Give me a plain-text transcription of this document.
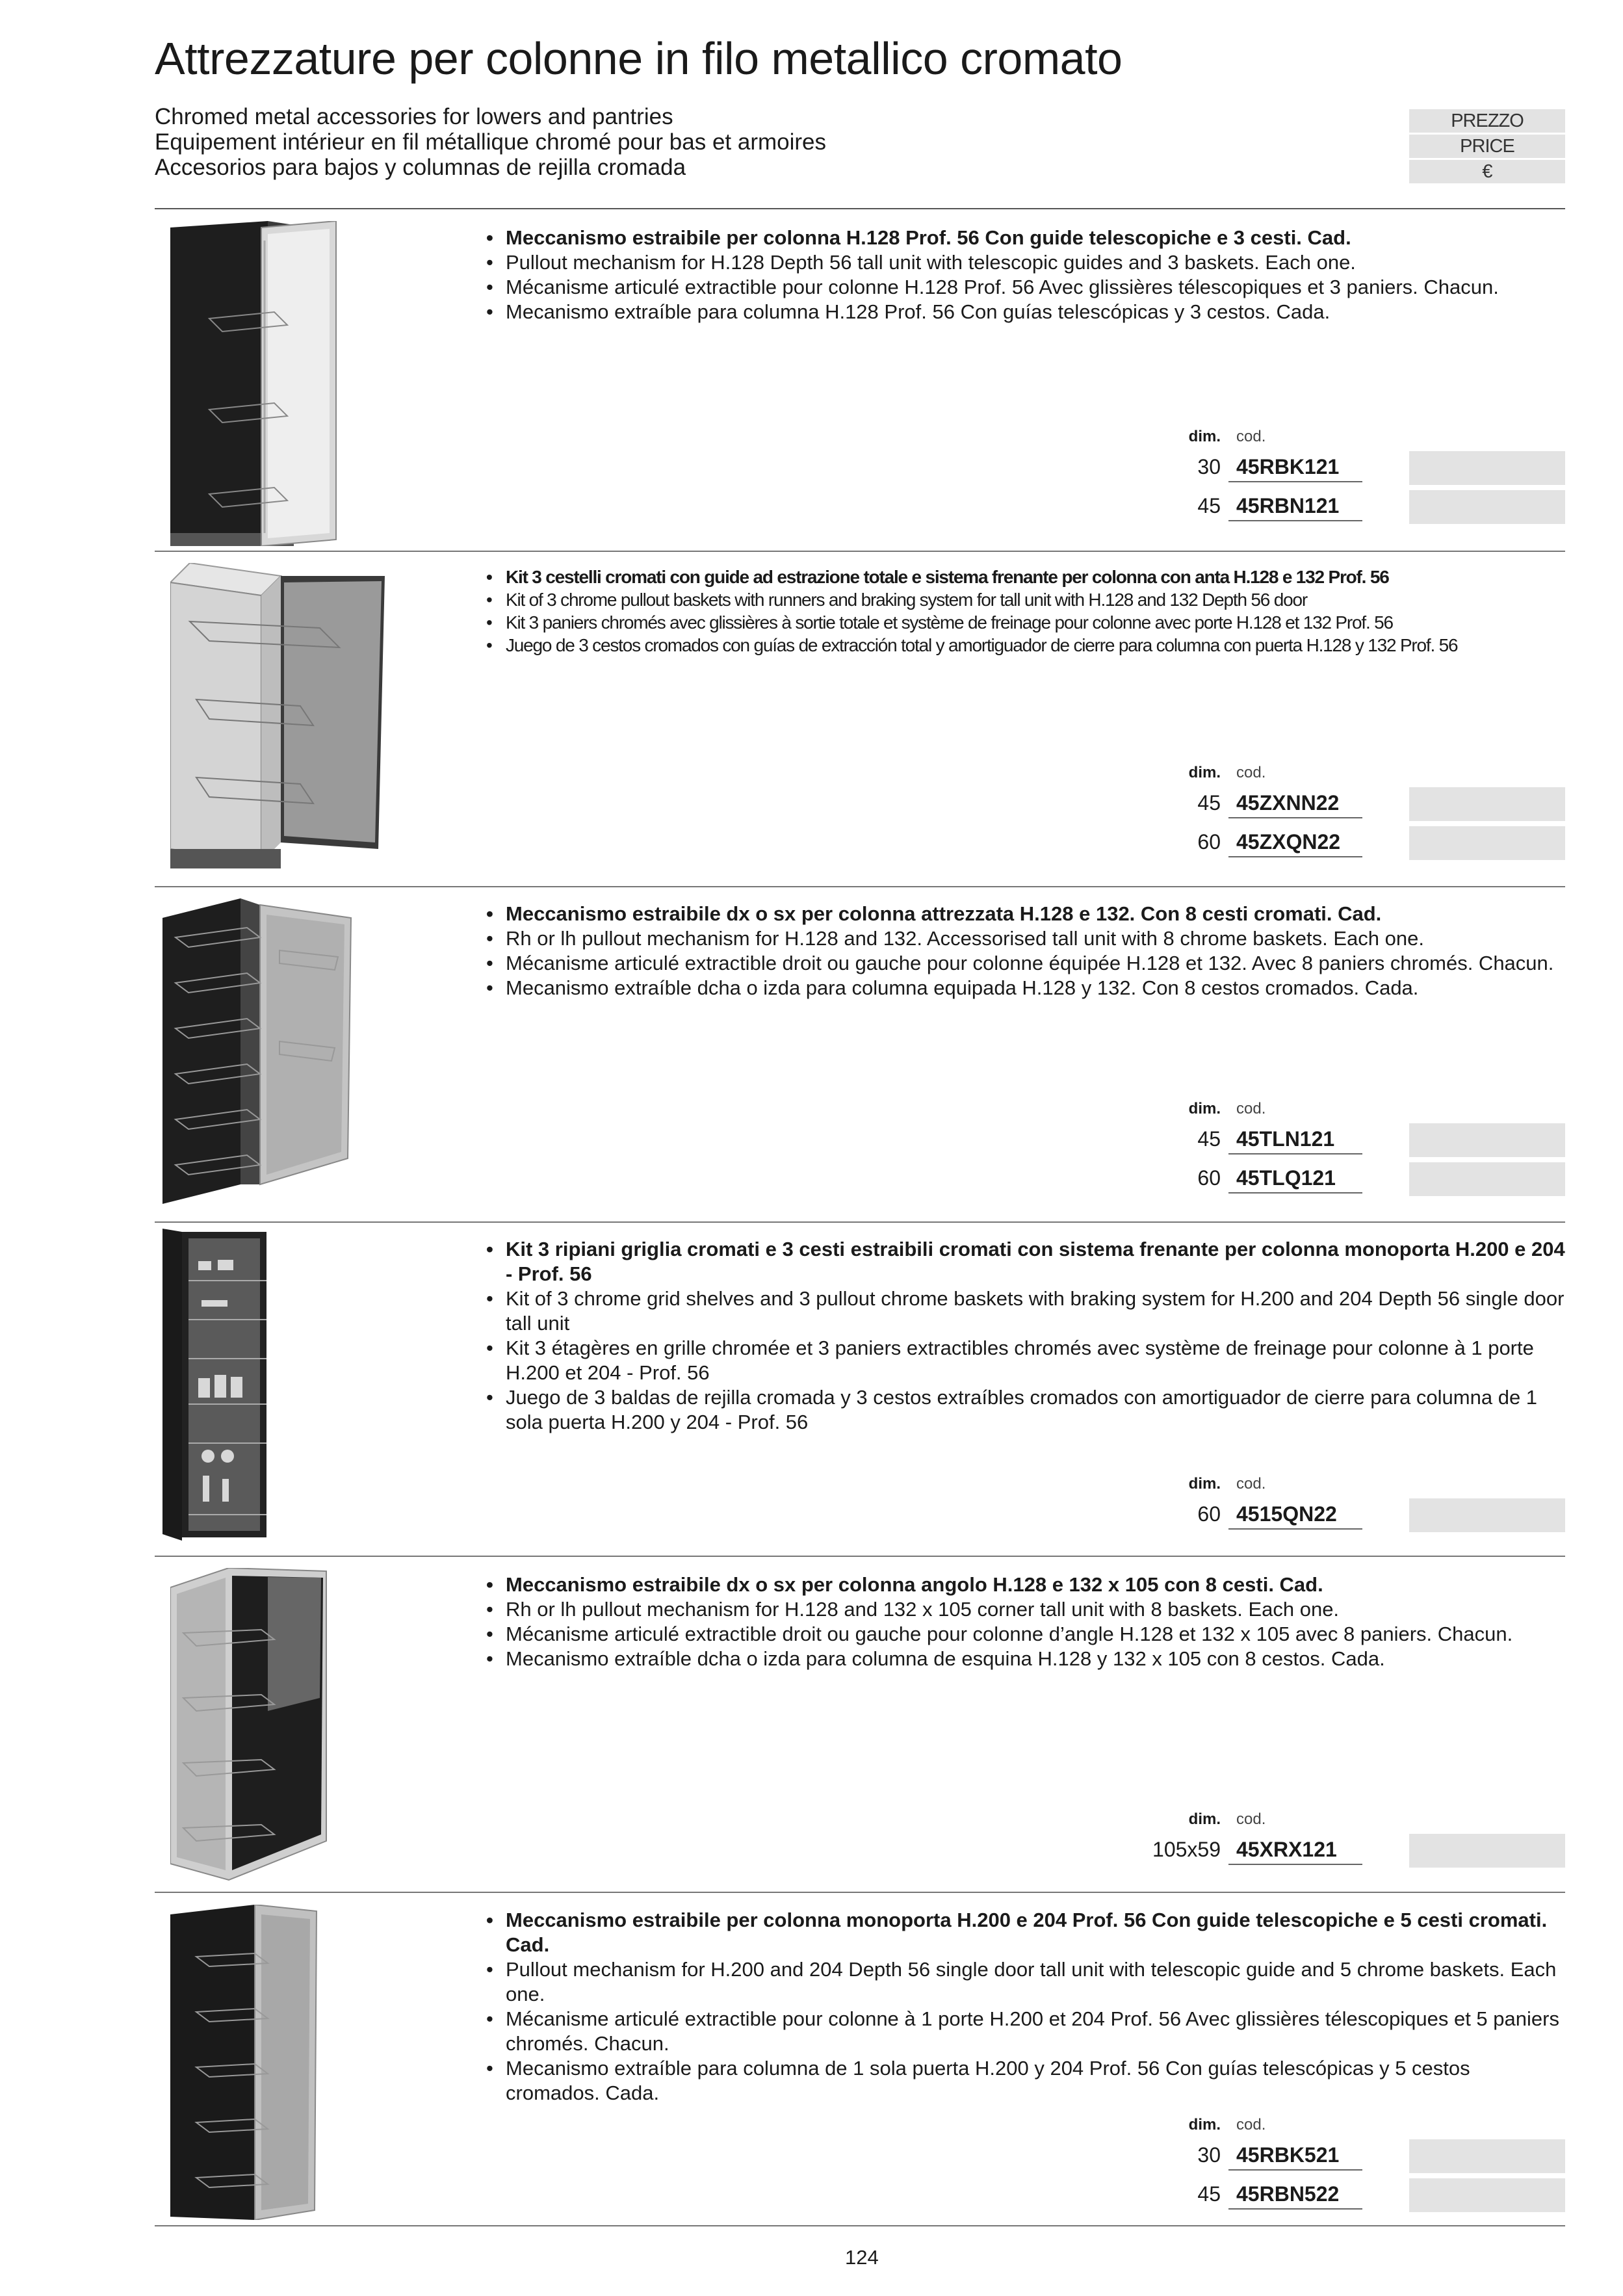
Attrezzature per colonne in filo metallico cromato
Chromed metal accessories for lowers and pantries
Equipement intérieur en fil métallique chromé pour bas et armoires
Accesorios para bajos y columnas de rejilla cromada
PREZZO
PRICE
€
• Meccanismo estraibile per colonna H.128 Prof. 56 Con guide telescopiche e 3 cesti. Cad.
• Pullout mechanism for H.128 Depth 56 tall unit with telescopic guides and 3 baskets. Each one.
• Mécanisme articulé extractible pour colonne H.128 Prof. 56 Avec glissières télescopiques et 3 paniers. Chacun.
• Mecanismo extraíble para columna H.128 Prof. 56 Con guías telescópicas y 3 cestos. Cada.
dim. cod.
30 45RBK121
45 45RBN121
• Kit 3 cestelli cromati con guide ad estrazione totale e sistema frenante per colonna con anta H.128 e 132 Prof. 56
• Kit of 3 chrome pullout baskets with runners and braking system for tall unit with H.128 and 132 Depth 56 door
• Kit 3 paniers chromés avec glissières à sortie totale et système de freinage pour colonne avec porte H.128 et 132 Prof. 56
• Juego de 3 cestos cromados con guías de extracción total y amortiguador de cierre para columna con puerta H.128 y 132 Prof. 56
dim. cod.
45 45ZXNN22
60 45ZXQN22
• Meccanismo estraibile dx o sx per colonna attrezzata H.128 e 132. Con 8 cesti cromati. Cad.
• Rh or lh pullout mechanism for H.128 and 132. Accessorised tall unit with 8 chrome baskets. Each one.
• Mécanisme articulé extractible droit ou gauche pour colonne équipée H.128 et 132. Avec 8 paniers chromés. Chacun.
• Mecanismo extraíble dcha o izda para columna equipada H.128 y 132. Con 8 cestos cromados. Cada.
dim. cod.
45 45TLN121
60 45TLQ121
• Kit 3 ripiani griglia cromati e 3 cesti estraibili cromati con sistema frenante per colonna monoporta H.200 e 204 - Prof. 56
• Kit of 3 chrome grid shelves and 3 pullout chrome baskets with braking system for H.200 and 204 Depth 56 single door tall unit
• Kit 3 étagères en grille chromée et 3 paniers extractibles chromés avec système de freinage pour colonne à 1 porte H.200 et 204 - Prof. 56
• Juego de 3 baldas de rejilla cromada y 3 cestos extraíbles cromados con amortiguador de cierre para columna de 1 sola puerta H.200 y 204 - Prof. 56
dim. cod.
60 4515QN22
• Meccanismo estraibile dx o sx per colonna angolo H.128 e 132 x 105 con 8 cesti. Cad.
• Rh or lh pullout mechanism for H.128 and 132 x 105 corner tall unit with 8 baskets. Each one.
• Mécanisme articulé extractible droit ou gauche pour colonne d’angle H.128 et 132 x 105 avec 8 paniers. Chacun.
• Mecanismo extraíble dcha o izda para columna de esquina H.128 y 132 x 105 con 8 cestos. Cada.
dim. cod.
105x59 45XRX121
• Meccanismo estraibile per colonna monoporta H.200 e 204 Prof. 56 Con guide telescopiche e 5 cesti cromati. Cad.
• Pullout mechanism for H.200 and 204 Depth 56 single door tall unit with telescopic guide and 5 chrome baskets. Each one.
• Mécanisme articulé extractible pour colonne à 1 porte H.200 et 204 Prof. 56 Avec glissières télescopiques et 5 paniers chromés. Chacun.
• Mecanismo extraíble para columna de 1 sola puerta H.200 y 204 Prof. 56 Con guías telescópicas y 5 cestos cromados. Cada.
dim. cod.
30 45RBK521
45 45RBN522
124
